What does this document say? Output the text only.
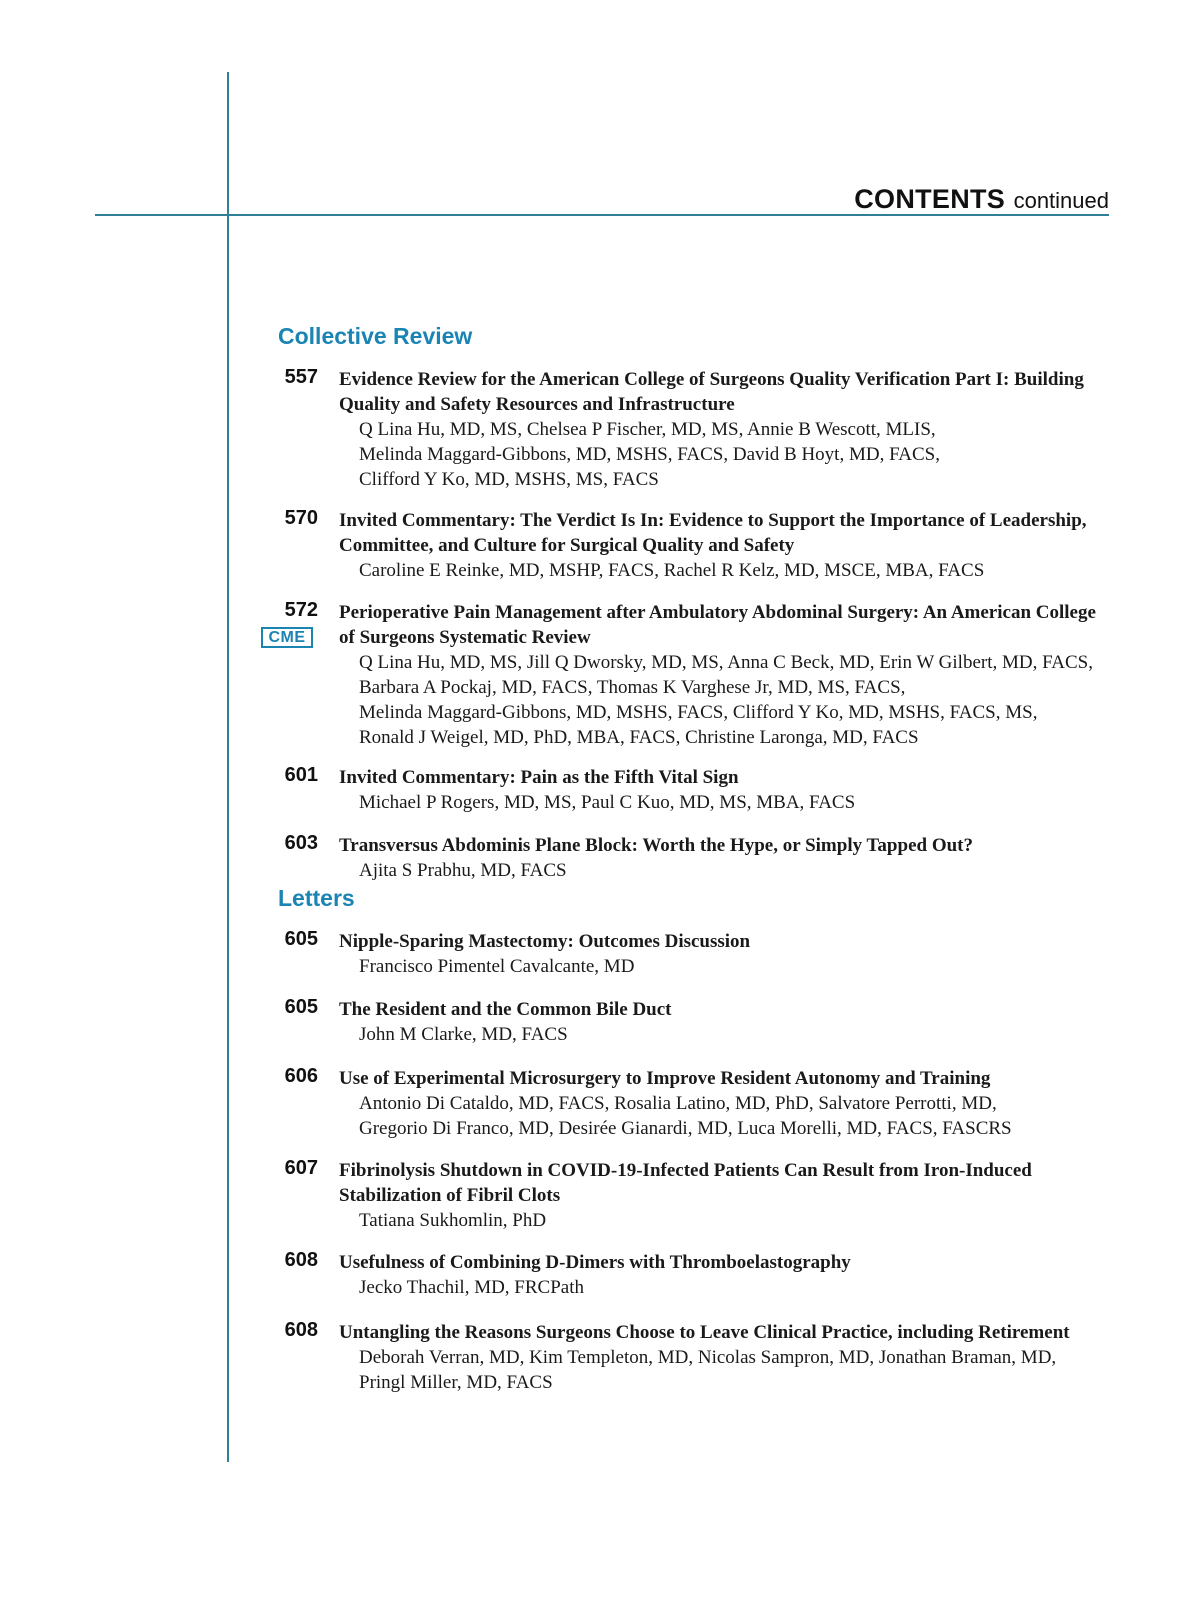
CONTENTS continued
Collective Review
557 Evidence Review for the American College of Surgeons Quality Verification Part I: Building
Quality and Safety Resources and Infrastructure
Q Lina Hu, MD, MS, Chelsea P Fischer, MD, MS, Annie B Wescott, MLIS,
Melinda Maggard-Gibbons, MD, MSHS, FACS, David B Hoyt, MD, FACS,
Clifford Y Ko, MD, MSHS, MS, FACS
570 Invited Commentary: The Verdict Is In: Evidence to Support the Importance of Leadership,
Committee, and Culture for Surgical Quality and Safety
Caroline E Reinke, MD, MSHP, FACS, Rachel R Kelz, MD, MSCE, MBA, FACS
572
CME
Perioperative Pain Management after Ambulatory Abdominal Surgery: An American College
of Surgeons Systematic Review
Q Lina Hu, MD, MS, Jill Q Dworsky, MD, MS, Anna C Beck, MD, Erin W Gilbert, MD, FACS,
Barbara A Pockaj, MD, FACS, Thomas K Varghese Jr, MD, MS, FACS,
Melinda Maggard-Gibbons, MD, MSHS, FACS, Clifford Y Ko, MD, MSHS, FACS, MS,
Ronald J Weigel, MD, PhD, MBA, FACS, Christine Laronga, MD, FACS
601 Invited Commentary: Pain as the Fifth Vital Sign
Michael P Rogers, MD, MS, Paul C Kuo, MD, MS, MBA, FACS
603 Transversus Abdominis Plane Block: Worth the Hype, or Simply Tapped Out?
Ajita S Prabhu, MD, FACS
Letters
605 Nipple-Sparing Mastectomy: Outcomes Discussion
Francisco Pimentel Cavalcante, MD
605 The Resident and the Common Bile Duct
John M Clarke, MD, FACS
606 Use of Experimental Microsurgery to Improve Resident Autonomy and Training
Antonio Di Cataldo, MD, FACS, Rosalia Latino, MD, PhD, Salvatore Perrotti, MD,
Gregorio Di Franco, MD, Desirée Gianardi, MD, Luca Morelli, MD, FACS, FASCRS
607 Fibrinolysis Shutdown in COVID-19-Infected Patients Can Result from Iron-Induced
Stabilization of Fibril Clots
Tatiana Sukhomlin, PhD
608 Usefulness of Combining D-Dimers with Thromboelastography
Jecko Thachil, MD, FRCPath
608 Untangling the Reasons Surgeons Choose to Leave Clinical Practice, including Retirement
Deborah Verran, MD, Kim Templeton, MD, Nicolas Sampron, MD, Jonathan Braman, MD,
Pringl Miller, MD, FACS
